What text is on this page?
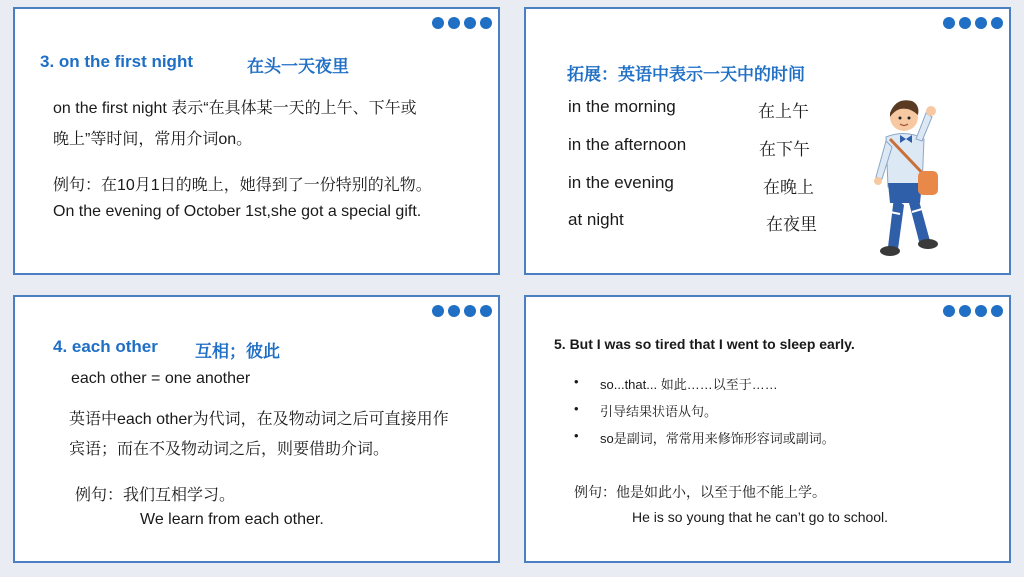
3. on the first night	在头一天夜里
on the first night 表示“在具体某一天的上午、下午或
晚上”等时间，常用介词on。
例句：在10月1日的晚上，她得到了一份特别的礼物。
On the evening of October 1st,she got a special gift.
拓展：英语中表示一天中的时间
in the morning	在上午
in the afternoon	在下午
in the evening	在晚上
at night	在夜里
4. each other 互相；彼此
each other = one another
英语中each other为代词，在及物动词之后可直接用作
宾语；而在不及物动词之后，则要借助介词。
例句：我们互相学习。
We learn from each other.
5. But I was so tired that I went to sleep early.
• so...that... 如此……以至于……
• 引导结果状语从句。
• so是副词，常常用来修饰形容词或副词。
例句：他是如此小，以至于他不能上学。
He is so young that he can’t go to school.
